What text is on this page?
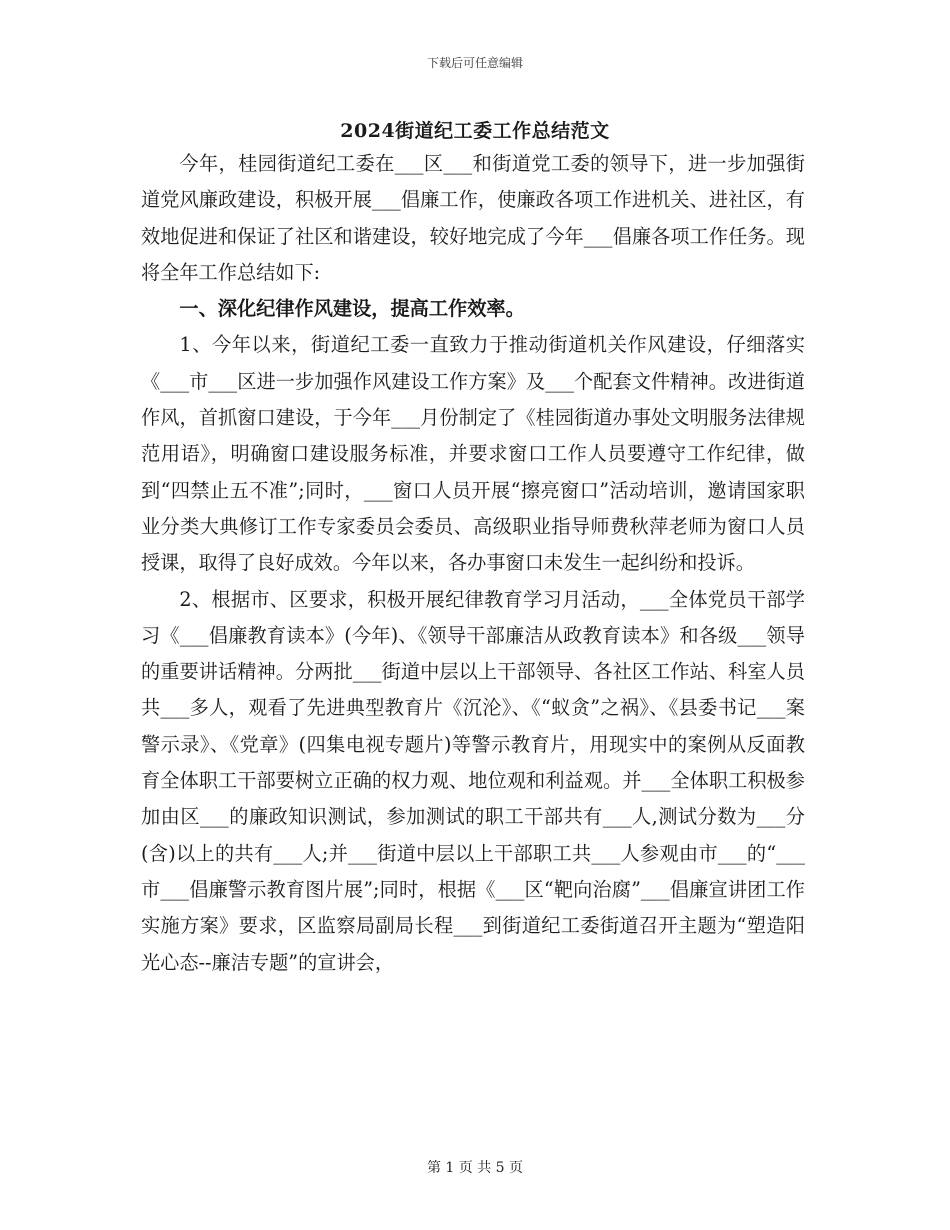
下载后可任意编辑
2024街道纪工委工作总结范文

今年，桂园街道纪工委在___区___和街道党工委的领导下，进一步加强街道党风廉政建设，积极开展___倡廉工作，使廉政各项工作进机关、进社区，有效地促进和保证了社区和谐建设，较好地完成了今年___倡廉各项工作任务。现将全年工作总结如下:

一、深化纪律作风建设，提高工作效率。

1、今年以来，街道纪工委一直致力于推动街道机关作风建设，仔细落实《___市___区进一步加强作风建设工作方案》及___个配套文件精神。改进街道作风，首抓窗口建设，于今年___月份制定了《桂园街道办事处文明服务法律规范用语》，明确窗口建设服务标准，并要求窗口工作人员要遵守工作纪律，做到“四禁止五不准”;同时，___窗口人员开展“擦亮窗口”活动培训，邀请国家职业分类大典修订工作专家委员会委员、高级职业指导师费秋萍老师为窗口人员授课，取得了良好成效。今年以来，各办事窗口未发生一起纠纷和投诉。

2、根据市、区要求，积极开展纪律教育学习月活动，___全体党员干部学习《___倡廉教育读本》(今年)、《领导干部廉洁从政教育读本》和各级___领导的重要讲话精神。分两批___街道中层以上干部领导、各社区工作站、科室人员共___多人，观看了先进典型教育片《沉沦》、《“蚁贪”之祸》、《县委书记___案警示录》、《党章》(四集电视专题片)等警示教育片，用现实中的案例从反面教育全体职工干部要树立正确的权力观、地位观和利益观。并___全体职工积极参加由区___的廉政知识测试，参加测试的职工干部共有___人,测试分数为___分(含)以上的共有___人;并___街道中层以上干部职工共___人参观由市___的“___市___倡廉警示教育图片展”;同时，根据《___区“靶向治腐”___倡廉宣讲团工作实施方案》要求，区监察局副局长程___到街道纪工委街道召开主题为“塑造阳光心态--廉洁专题”的宣讲会，

第 1 页 共 5 页
